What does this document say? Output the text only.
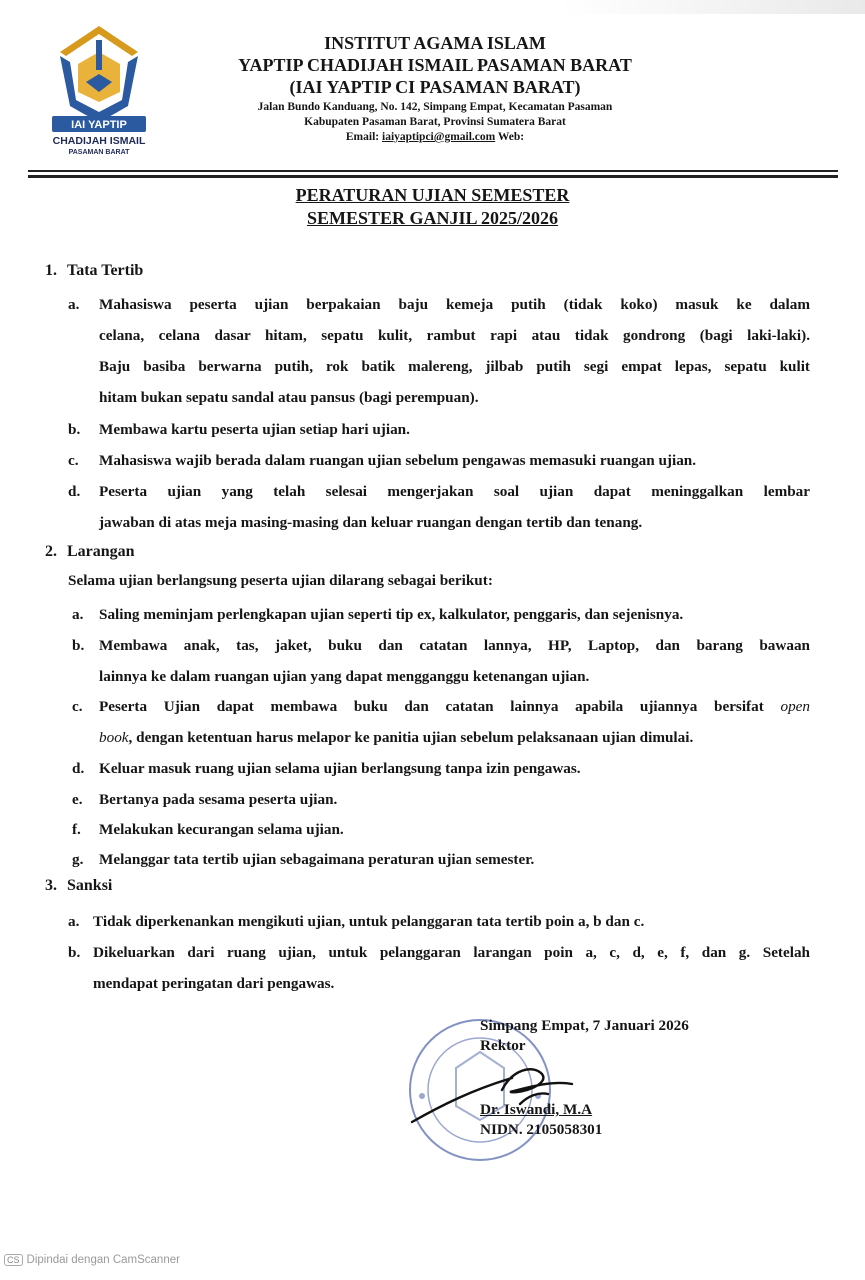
IAI YAPTIP
CHADIJAH ISMAIL
PASAMAN BARAT
INSTITUT AGAMA ISLAM
YAPTIP CHADIJAH ISMAIL PASAMAN BARAT
(IAI YAPTIP CI PASAMAN BARAT)
Jalan Bundo Kanduang, No. 142, Simpang Empat, Kecamatan Pasaman
Kabupaten Pasaman Barat, Provinsi Sumatera Barat
Email: iaiyaptipci@gmail.com Web:
PERATURAN UJIAN SEMESTER
SEMESTER GANJIL 2025/2026
1. Tata Tertib
a. Mahasiswa peserta ujian berpakaian baju kemeja putih (tidak koko) masuk ke dalam
celana, celana dasar hitam, sepatu kulit, rambut rapi atau tidak gondrong (bagi laki-laki).
Baju basiba berwarna putih, rok batik malereng, jilbab putih segi empat lepas, sepatu kulit
hitam bukan sepatu sandal atau pansus (bagi perempuan).
b. Membawa kartu peserta ujian setiap hari ujian.
c. Mahasiswa wajib berada dalam ruangan ujian sebelum pengawas memasuki ruangan ujian.
d. Peserta ujian yang telah selesai mengerjakan soal ujian dapat meninggalkan lembar
jawaban di atas meja masing-masing dan keluar ruangan dengan tertib dan tenang.
2. Larangan
Selama ujian berlangsung peserta ujian dilarang sebagai berikut:
a. Saling meminjam perlengkapan ujian seperti tip ex, kalkulator, penggaris, dan sejenisnya.
b. Membawa anak, tas, jaket, buku dan catatan lannya, HP, Laptop, dan barang bawaan
lainnya ke dalam ruangan ujian yang dapat mengganggu ketenangan ujian.
c. Peserta Ujian dapat membawa buku dan catatan lainnya apabila ujiannya bersifat open
book, dengan ketentuan harus melapor ke panitia ujian sebelum pelaksanaan ujian dimulai.
d. Keluar masuk ruang ujian selama ujian berlangsung tanpa izin pengawas.
e. Bertanya pada sesama peserta ujian.
f. Melakukan kecurangan selama ujian.
g. Melanggar tata tertib ujian sebagaimana peraturan ujian semester.
3. Sanksi
a. Tidak diperkenankan mengikuti ujian, untuk pelanggaran tata tertib poin a, b dan c.
b. Dikeluarkan dari ruang ujian, untuk pelanggaran larangan poin a, c, d, e, f, dan g. Setelah
mendapat peringatan dari pengawas.
Simpang Empat, 7 Januari 2026
Rektor
Dr. Iswandi, M.A
NIDN. 2105058301
CS Dipindai dengan CamScanner
